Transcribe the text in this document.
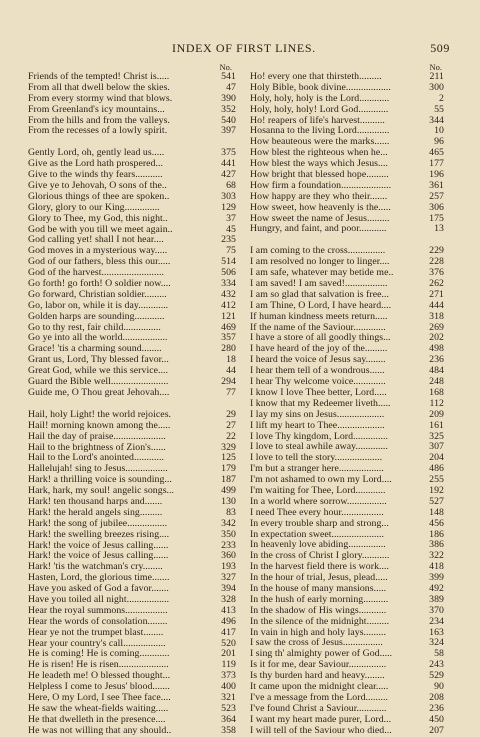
INDEX OF FIRST LINES.	509
No.
Friends of the tempted! Christ is.....	541
From all that dwell below the skies.	47
From every stormy wind that blows.	390
From Greenland's icy mountains...	352
From the hills and from the valleys.	540
From the recesses of a lowly spirit.	397
Gently Lord, oh, gently lead us.....	375
Give as the Lord hath prospered...	441
Give to the winds thy fears...........	427
Give ye to Jehovah, O sons of the..	68
Glorious things of thee are spoken..	303
Glory, glory to our King..............	129
Glory to Thee, my God, this night..	37
God be with you till we meet again..	45
God calling yet! shall I not hear....	235
God moves in a mysterious way.....	75
God of our fathers, bless this our.....	514
God of the harvest.........................	506
Go forth! go forth! O soldier now....	334
Go forward, Christian soldier.........	432
Go, labor on, while it is day............	412
Golden harps are sounding............	121
Go to thy rest, fair child...............	469
Go ye into all the world..................	357
Grace! 'tis a charming sound........	280
Grant us, Lord, Thy blessed favor...	18
Great God, while we this service....	44
Guard the Bible well.......................	294
Guide me, O Thou great Jehovah....	77
Hail, holy Light! the world rejoices.	29
Hail! morning known among the.....	27
Hail the day of praise.....................	22
Hail to the brightness of Zion's......	329
Hail to the Lord's anointed............	125
Hallelujah! sing to Jesus.................	179
Hark! a thrilling voice is sounding...	187
Hark, hark, my soul! angelic songs...	499
Hark! ten thousand harps and.......	130
Hark! the herald angels sing.........	83
Hark! the song of jubilee................	342
Hark! the swelling breezes rising....	350
Hark! the voice of Jesus calling......	233
Hark! the voice of Jesus calling......	360
Hark! 'tis the watchman's cry........	193
Hasten, Lord, the glorious time.......	327
Have you asked of God a favor.......	394
Have you toiled all night.................	328
Hear the royal summons.................	413
Hear the words of consolation........	496
Hear ye not the trumpet blast........	417
Hear your country's call.................	520
He is coming! He is coming............	201
He is risen! He is risen....................	119
He leadeth me! O blessed thought...	373
Helpless I come to Jesus' blood.......	400
Here, O my Lord, I see Thee face....	321
He saw the wheat-fields waiting.....	523
He that dwelleth in the presence....	364
He was not willing that any should..	358
No.
Ho! every one that thirsteth.........	211
Holy Bible, book divine..................	300
Holy, holy, holy is the Lord............	2
Holy, holy, holy! Lord God............	55
Ho! reapers of life's harvest..........	344
Hosanna to the living Lord.............	10
How beauteous were the marks......	96
How blest the righteous when he...	465
How blest the ways which Jesus....	177
How bright that blessed hope.........	196
How firm a foundation....................	361
How happy are they who their.......	257
How sweet, how heavenly is the.....	306
How sweet the name of Jesus.........	175
Hungry, and faint, and poor...........	13
I am coming to the cross...............	229
I am resolved no longer to linger....	228
I am safe, whatever may betide me..	376
I am saved! I am saved!.................	262
I am so glad that salvation is free...	271
I am Thine, O Lord, I have heard....	444
If human kindness meets return.....	318
If the name of the Saviour.............	269
I have a store of all goodly things...	202
I have heard of the joy of the.........	498
I heard the voice of Jesus say........	236
I hear them tell of a wondrous......	484
I hear Thy welcome voice.............	248
I know I love Thee better, Lord.....	168
I know that my Redeemer liveth.....	112
I lay my sins on Jesus...................	209
I lift my heart to Thee...................	161
I love Thy kingdom, Lord..............	325
I love to steal awhile away.............	307
I love to tell the story...................	204
I'm but a stranger here..................	486
I'm not ashamed to own my Lord....	255
I'm waiting for Thee, Lord............	192
In a world where sorrow................	527
I need Thee every hour.................	148
In every trouble sharp and strong...	456
In expectation sweet.....................	186
In heavenly love abiding...............	386
In the cross of Christ I glory...........	322
In the harvest field there is work....	418
In the hour of trial, Jesus, plead.....	399
In the house of many mansions.....	492
In the hush of early morning..........	389
In the shadow of His wings...........	370
In the silence of the midnight.........	234
In vain in high and holy lays.........	163
I saw the cross of Jesus................	324
I sing th' almighty power of God.....	58
Is it for me, dear Saviour...............	243
Is thy burden hard and heavy........	529
It came upon the midnight clear.....	90
I've a message from the Lord.........	208
I've found Christ a Saviour............	236
I want my heart made purer, Lord...	450
I will tell of the Saviour who died...	207
